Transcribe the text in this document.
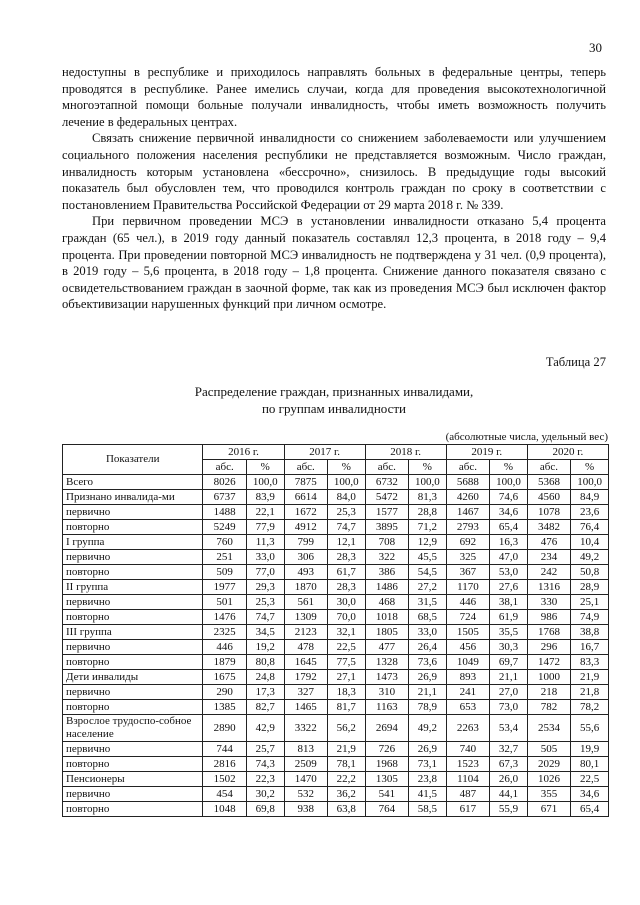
30

недоступны в республике и приходилось направлять больных в федеральные центры, теперь проводятся в республике. Ранее имелись случаи, когда для проведения высокотехнологичной многоэтапной помощи больные получали инвалидность, чтобы иметь возможность получить лечение в федеральных центрах.

Связать снижение первичной инвалидности со снижением заболеваемости или улучшением социального положения населения республики не представляется возможным. Число граждан, инвалидность которым установлена «бессрочно», снизилось. В предыдущие годы высокий показатель был обусловлен тем, что проводился контроль граждан по сроку в соответствии с постановлением Правительства Российской Федерации от 29 марта 2018 г. № 339.

При первичном проведении МСЭ в установлении инвалидности отказано 5,4 процента граждан (65 чел.), в 2019 году данный показатель составлял 12,3 процента, в 2018 году – 9,4 процента. При проведении повторной МСЭ инвалидность не подтверждена у 31 чел. (0,9 процента), в 2019 году – 5,6 процента, в 2018 году – 1,8 процента. Снижение данного показателя связано с освидетельствованием граждан в заочной форме, так как из проведения МСЭ был исключен фактор объективизации нарушенных функций при личном осмотре.

Таблица 27
Распределение граждан, признанных инвалидами,
по группам инвалидности
(абсолютные числа, удельный вес)
Показатели	2016 г.		2017 г.		2018 г.		2019 г.		2020 г.	
	абс.	%	абс.	%	абс.	%	абс.	%	абс.	%
Всего	8026	100,0	7875	100,0	6732	100,0	5688	100,0	5368	100,0
Признано инвалида-ми	6737	83,9	6614	84,0	5472	81,3	4260	74,6	4560	84,9
первично	1488	22,1	1672	25,3	1577	28,8	1467	34,6	1078	23,6
повторно	5249	77,9	4912	74,7	3895	71,2	2793	65,4	3482	76,4
I группа	760	11,3	799	12,1	708	12,9	692	16,3	476	10,4
первично	251	33,0	306	28,3	322	45,5	325	47,0	234	49,2
повторно	509	77,0	493	61,7	386	54,5	367	53,0	242	50,8
II группа	1977	29,3	1870	28,3	1486	27,2	1170	27,6	1316	28,9
первично	501	25,3	561	30,0	468	31,5	446	38,1	330	25,1
повторно	1476	74,7	1309	70,0	1018	68,5	724	61,9	986	74,9
III группа	2325	34,5	2123	32,1	1805	33,0	1505	35,5	1768	38,8
первично	446	19,2	478	22,5	477	26,4	456	30,3	296	16,7
повторно	1879	80,8	1645	77,5	1328	73,6	1049	69,7	1472	83,3
Дети инвалиды	1675	24,8	1792	27,1	1473	26,9	893	21,1	1000	21,9
первично	290	17,3	327	18,3	310	21,1	241	27,0	218	21,8
повторно	1385	82,7	1465	81,7	1163	78,9	653	73,0	782	78,2
Взрослое трудоспо-собное население	2890	42,9	3322	56,2	2694	49,2	2263	53,4	2534	55,6
первично	744	25,7	813	21,9	726	26,9	740	32,7	505	19,9
повторно	2816	74,3	2509	78,1	1968	73,1	1523	67,3	2029	80,1
Пенсионеры	1502	22,3	1470	22,2	1305	23,8	1104	26,0	1026	22,5
первично	454	30,2	532	36,2	541	41,5	487	44,1	355	34,6
повторно	1048	69,8	938	63,8	764	58,5	617	55,9	671	65,4
